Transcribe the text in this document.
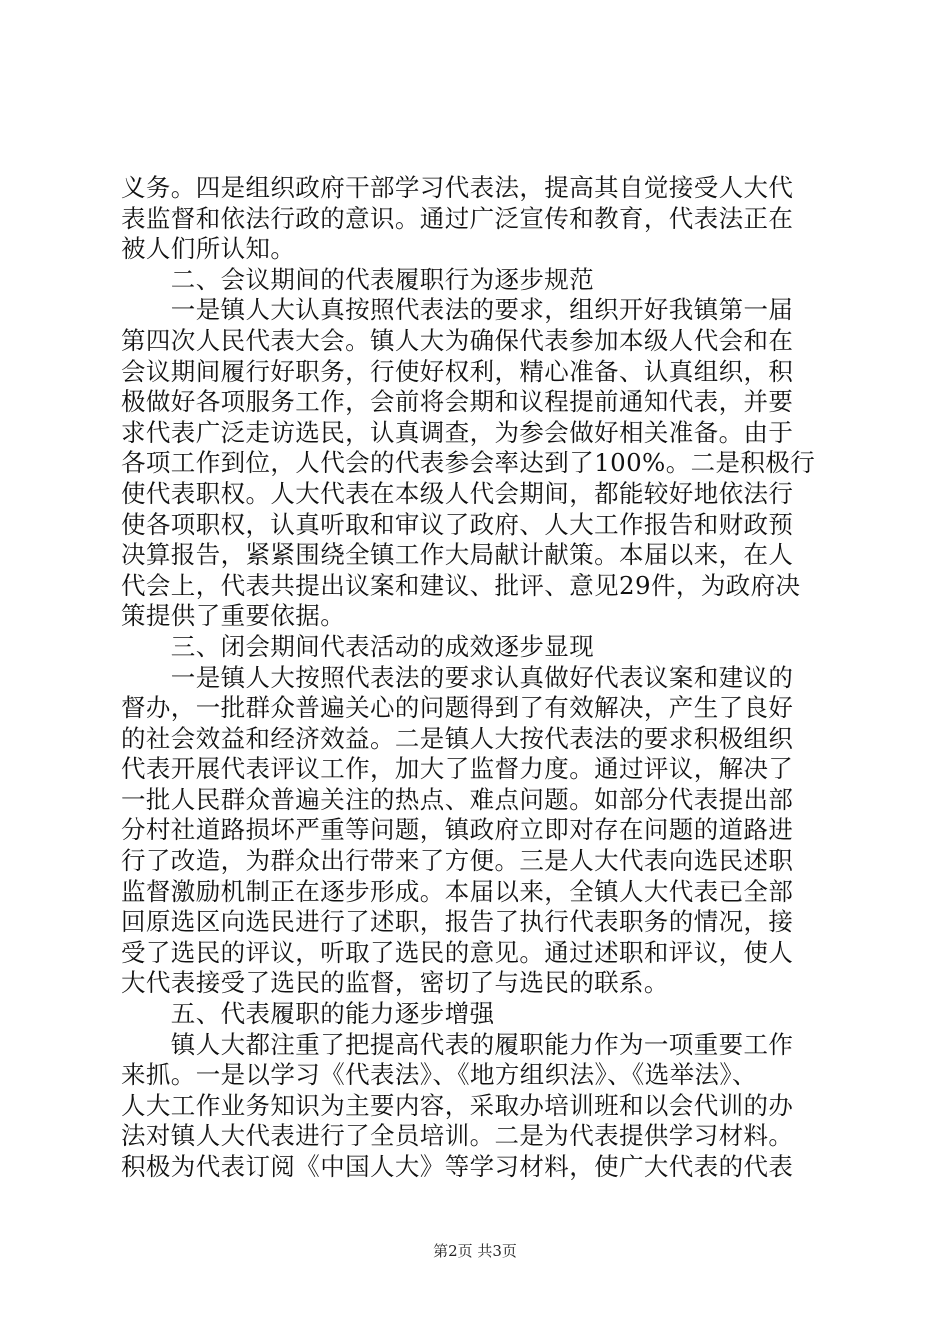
义务。四是组织政府干部学习代表法，提高其自觉接受人大代
表监督和依法行政的意识。通过广泛宣传和教育，代表法正在
被人们所认知。
　　二、会议期间的代表履职行为逐步规范
　　一是镇人大认真按照代表法的要求，组织开好我镇第一届
第四次人民代表大会。镇人大为确保代表参加本级人代会和在
会议期间履行好职务，行使好权利，精心准备、认真组织，积
极做好各项服务工作，会前将会期和议程提前通知代表，并要
求代表广泛走访选民，认真调查，为参会做好相关准备。由于
各项工作到位，人代会的代表参会率达到了100%。二是积极行
使代表职权。人大代表在本级人代会期间，都能较好地依法行
使各项职权，认真听取和审议了政府、人大工作报告和财政预
决算报告，紧紧围绕全镇工作大局献计献策。本届以来，在人
代会上，代表共提出议案和建议、批评、意见29件，为政府决
策提供了重要依据。
　　三、闭会期间代表活动的成效逐步显现
　　一是镇人大按照代表法的要求认真做好代表议案和建议的
督办，一批群众普遍关心的问题得到了有效解决，产生了良好
的社会效益和经济效益。二是镇人大按代表法的要求积极组织
代表开展代表评议工作，加大了监督力度。通过评议，解决了
一批人民群众普遍关注的热点、难点问题。如部分代表提出部
分村社道路损坏严重等问题，镇政府立即对存在问题的道路进
行了改造，为群众出行带来了方便。三是人大代表向选民述职
监督激励机制正在逐步形成。本届以来，全镇人大代表已全部
回原选区向选民进行了述职，报告了执行代表职务的情况，接
受了选民的评议，听取了选民的意见。通过述职和评议，使人
大代表接受了选民的监督，密切了与选民的联系。
　　五、代表履职的能力逐步增强
　　镇人大都注重了把提高代表的履职能力作为一项重要工作
来抓。一是以学习《代表法》、《地方组织法》、《选举法》、
人大工作业务知识为主要内容，采取办培训班和以会代训的办
法对镇人大代表进行了全员培训。二是为代表提供学习材料。
积极为代表订阅《中国人大》等学习材料，使广大代表的代表
第2页 共3页
